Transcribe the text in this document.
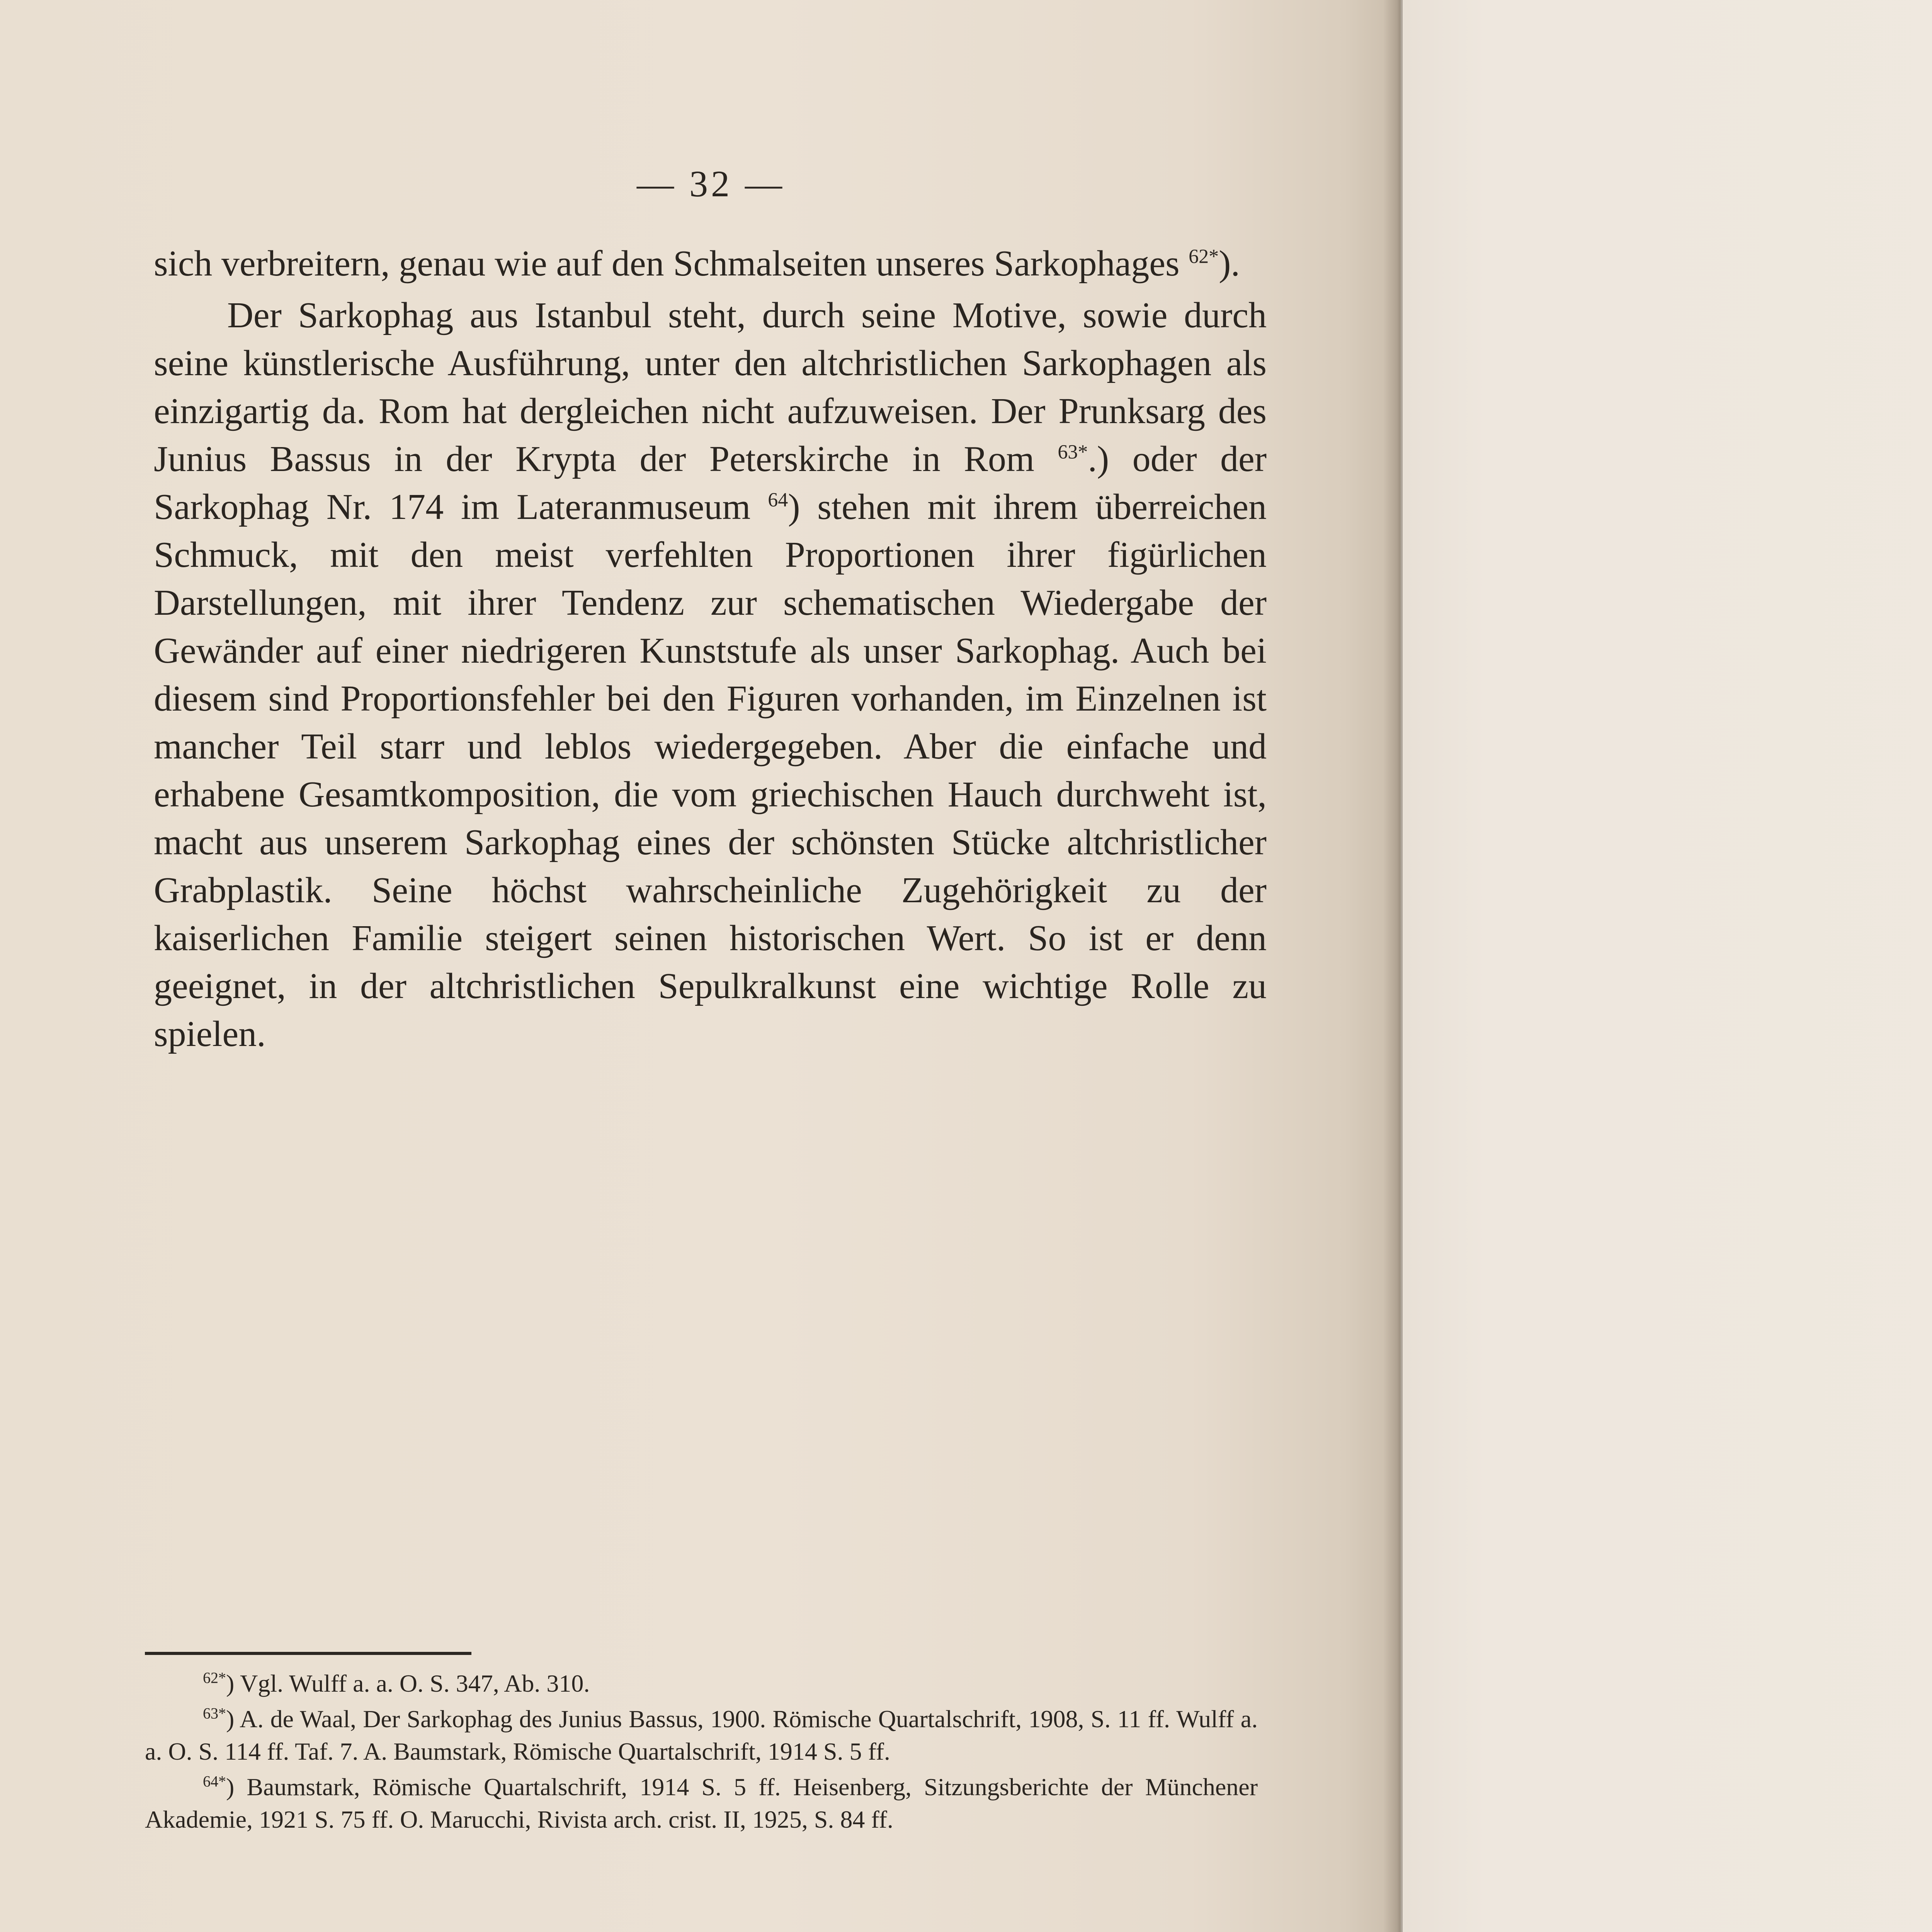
— 32 —

sich verbreitern, genau wie auf den Schmalseiten unseres Sarkophages $^{62*}$).

Der Sarkophag aus Istanbul steht, durch seine Motive, sowie durch seine künstlerische Ausführung, unter den altchristlichen Sarkophagen als einzigartig da. Rom hat dergleichen nicht aufzuweisen. Der Prunksarg des Junius Bassus in der Krypta der Peterskirche in Rom $^{63*}$.) oder der Sarkophag Nr. 174 im Lateranmuseum $^{64}$) stehen mit ihrem überreichen Schmuck, mit den meist verfehlten Proportionen ihrer figürlichen Darstellungen, mit ihrer Tendenz zur schematischen Wiedergabe der Gewänder auf einer niedrigeren Kunststufe als unser Sarkophag. Auch bei diesem sind Proportionsfehler bei den Figuren vorhanden, im Einzelnen ist mancher Teil starr und leblos wiedergegeben. Aber die einfache und erhabene Gesamtkomposition, die vom griechischen Hauch durchweht ist, macht aus unserem Sarkophag eines der schönsten Stücke altchristlicher Grabplastik. Seine höchst wahrscheinliche Zugehörigkeit zu der kaiserlichen Familie steigert seinen historischen Wert. So ist er denn geeignet, in der altchristlichen Sepulkralkunst eine wichtige Rolle zu spielen.

$^{62*}$) Vgl. Wulff a. a. O. S. 347, Ab. 310.

$^{63*}$) A. de Waal, Der Sarkophag des Junius Bassus, 1900. Römische Quartalschrift, 1908, S. 11 ff. Wulff a. a. O. S. 114 ff. Taf. 7. A. Baumstark, Römische Quartalschrift, 1914 S. 5 ff.

$^{64*}$) Baumstark, Römische Quartalschrift, 1914 S. 5 ff. Heisenberg, Sitzungsberichte der Münchener Akademie, 1921 S. 75 ff. O. Marucchi, Rivista arch. crist. II, 1925, S. 84 ff.
